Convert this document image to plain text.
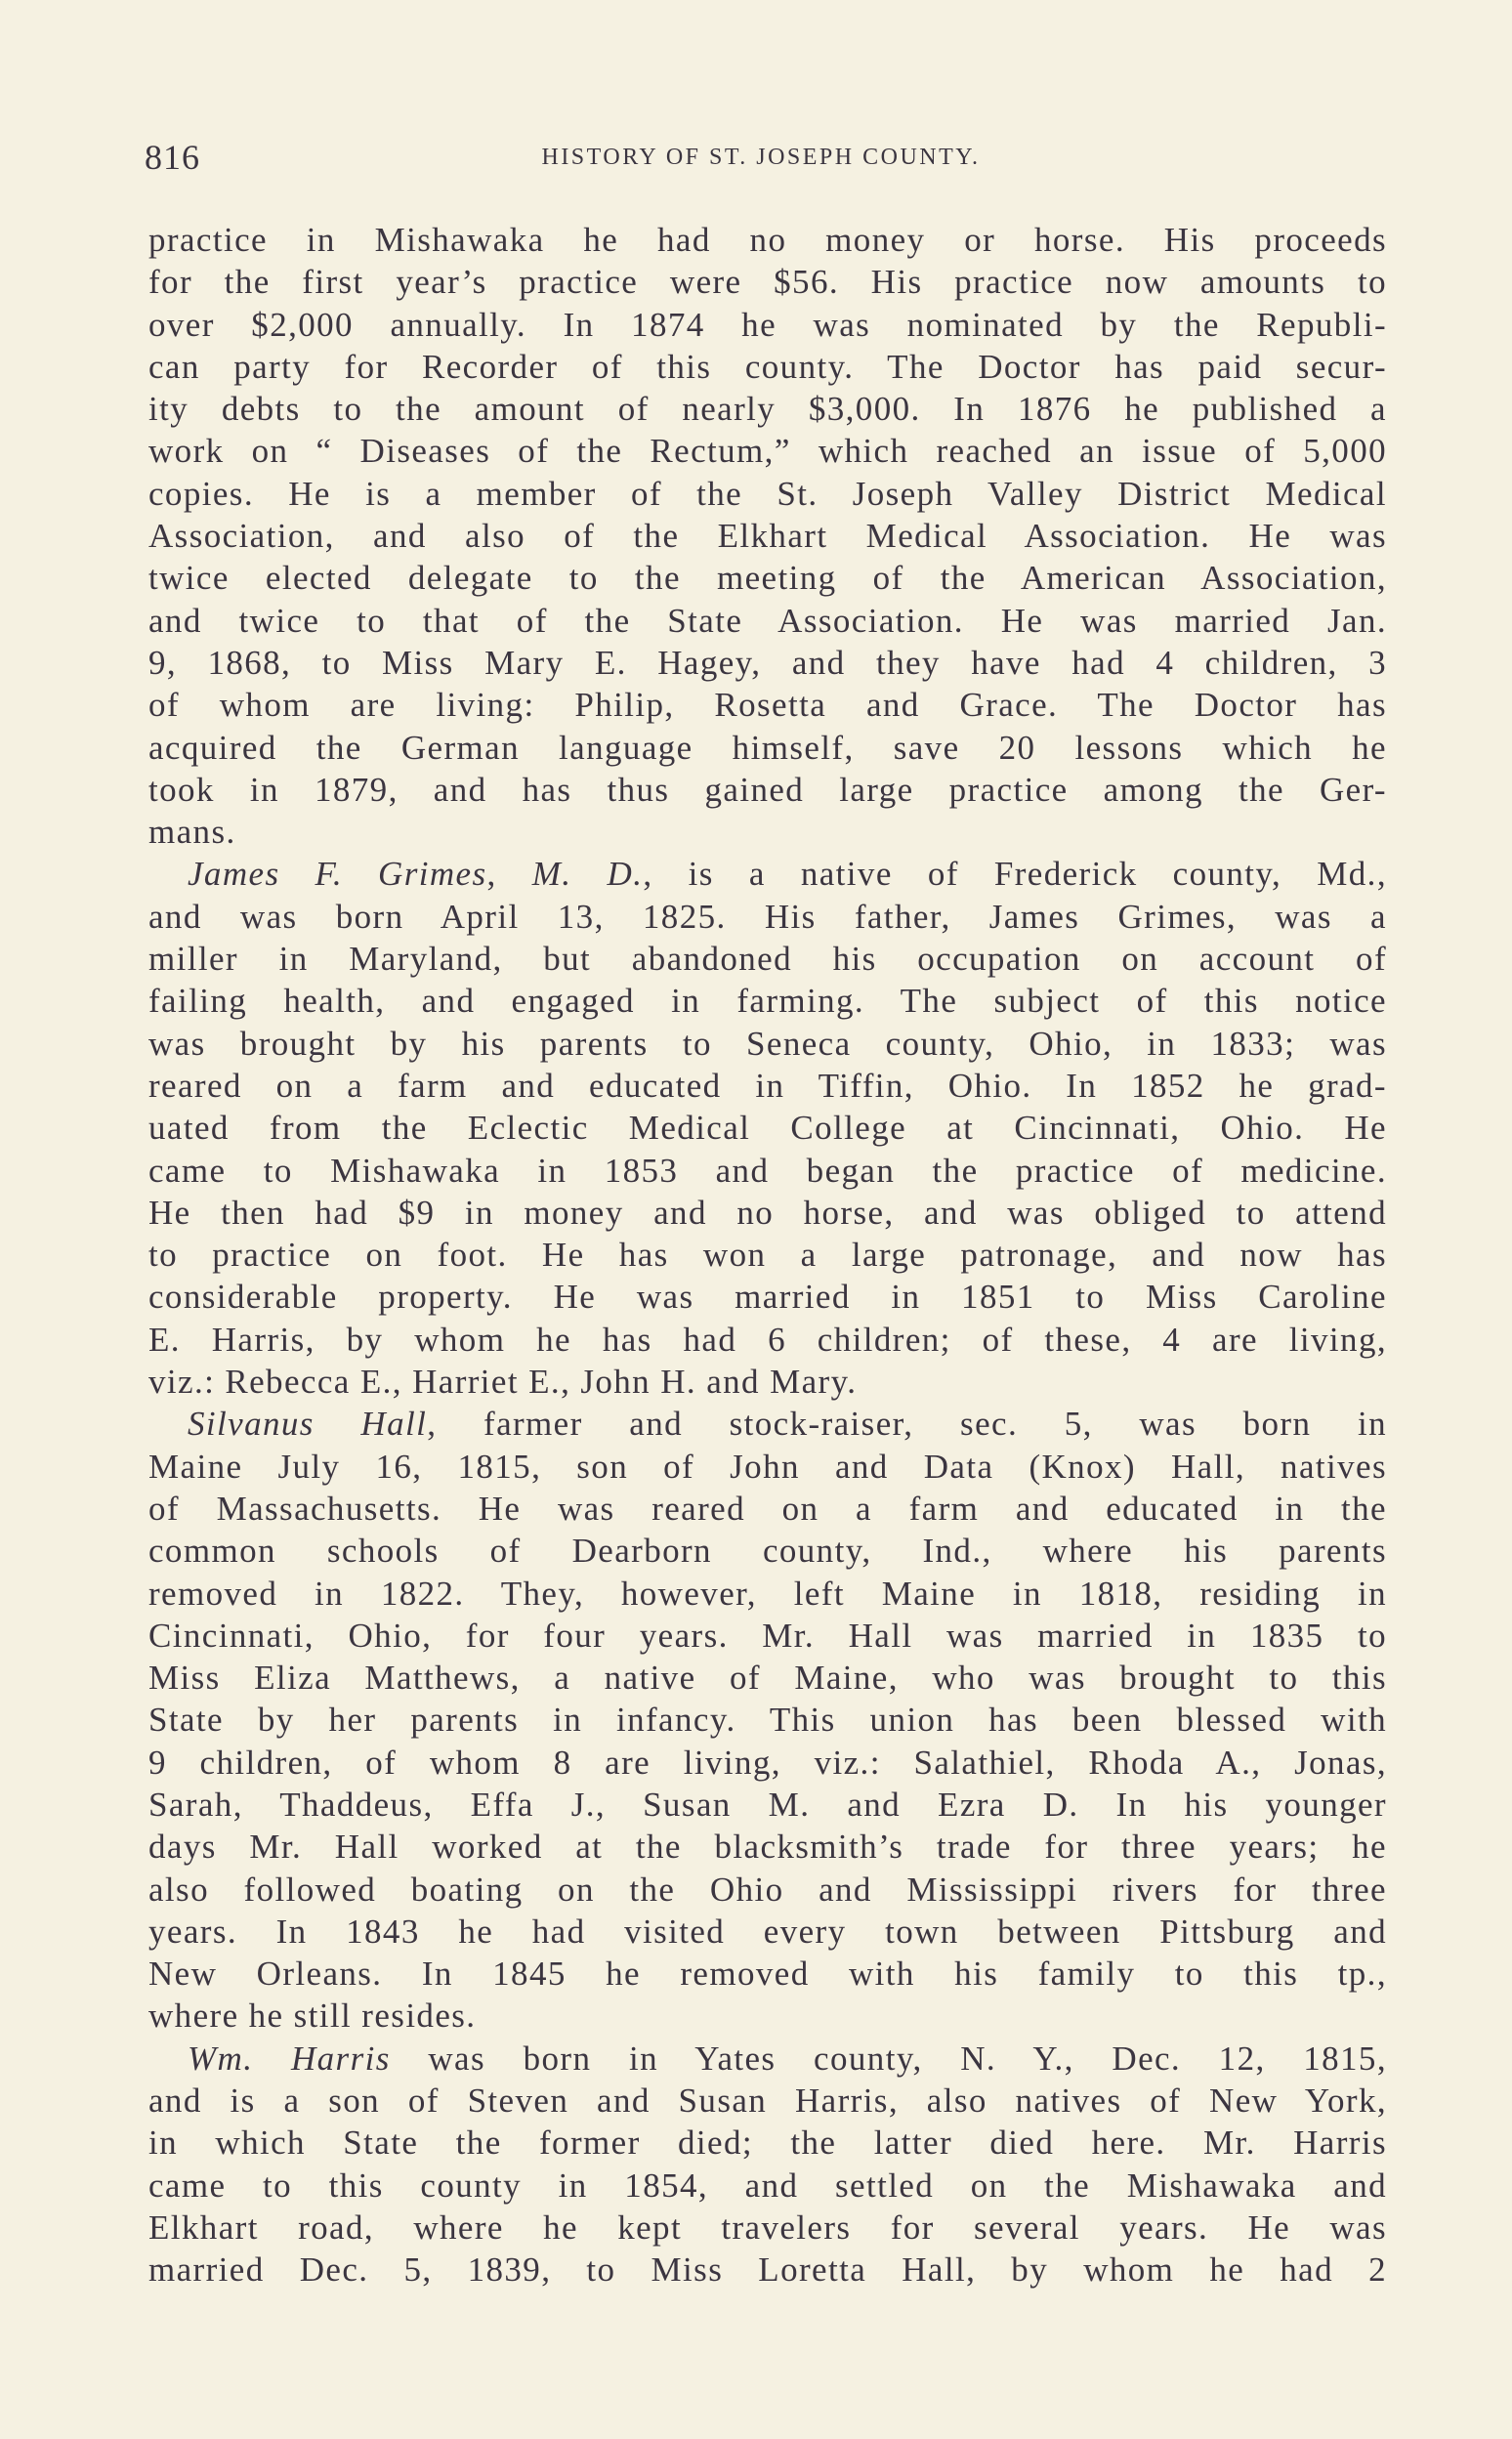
816	HISTORY OF ST. JOSEPH COUNTY.
practice in Mishawaka he had no money or horse. His proceeds
for the first year’s practice were $56. His practice now amounts to
over $2,000 annually. In 1874 he was nominated by the Republi-
can party for Recorder of this county. The Doctor has paid secur-
ity debts to the amount of nearly $3,000. In 1876 he published a
work on “ Diseases of the Rectum,” which reached an issue of 5,000
copies. He is a member of the St. Joseph Valley District Medical
Association, and also of the Elkhart Medical Association. He was
twice elected delegate to the meeting of the American Association,
and twice to that of the State Association. He was married Jan.
9, 1868, to Miss Mary E. Hagey, and they have had 4 children, 3
of whom are living: Philip, Rosetta and Grace. The Doctor has
acquired the German language himself, save 20 lessons which he
took in 1879, and has thus gained large practice among the Ger-
mans.
James F. Grimes, M. D., is a native of Frederick county, Md.,
and was born April 13, 1825. His father, James Grimes, was a
miller in Maryland, but abandoned his occupation on account of
failing health, and engaged in farming. The subject of this notice
was brought by his parents to Seneca county, Ohio, in 1833; was
reared on a farm and educated in Tiffin, Ohio. In 1852 he grad-
uated from the Eclectic Medical College at Cincinnati, Ohio. He
came to Mishawaka in 1853 and began the practice of medicine.
He then had $9 in money and no horse, and was obliged to attend
to practice on foot. He has won a large patronage, and now has
considerable property. He was married in 1851 to Miss Caroline
E. Harris, by whom he has had 6 children; of these, 4 are living,
viz.: Rebecca E., Harriet E., John H. and Mary.
Silvanus Hall, farmer and stock-raiser, sec. 5, was born in
Maine July 16, 1815, son of John and Data (Knox) Hall, natives
of Massachusetts. He was reared on a farm and educated in the
common schools of Dearborn county, Ind., where his parents
removed in 1822. They, however, left Maine in 1818, residing in
Cincinnati, Ohio, for four years. Mr. Hall was married in 1835 to
Miss Eliza Matthews, a native of Maine, who was brought to this
State by her parents in infancy. This union has been blessed with
9 children, of whom 8 are living, viz.: Salathiel, Rhoda A., Jonas,
Sarah, Thaddeus, Effa J., Susan M. and Ezra D. In his younger
days Mr. Hall worked at the blacksmith’s trade for three years; he
also followed boating on the Ohio and Mississippi rivers for three
years. In 1843 he had visited every town between Pittsburg and
New Orleans. In 1845 he removed with his family to this tp.,
where he still resides.
Wm. Harris was born in Yates county, N. Y., Dec. 12, 1815,
and is a son of Steven and Susan Harris, also natives of New York,
in which State the former died; the latter died here. Mr. Harris
came to this county in 1854, and settled on the Mishawaka and
Elkhart road, where he kept travelers for several years. He was
married Dec. 5, 1839, to Miss Loretta Hall, by whom he had 2
